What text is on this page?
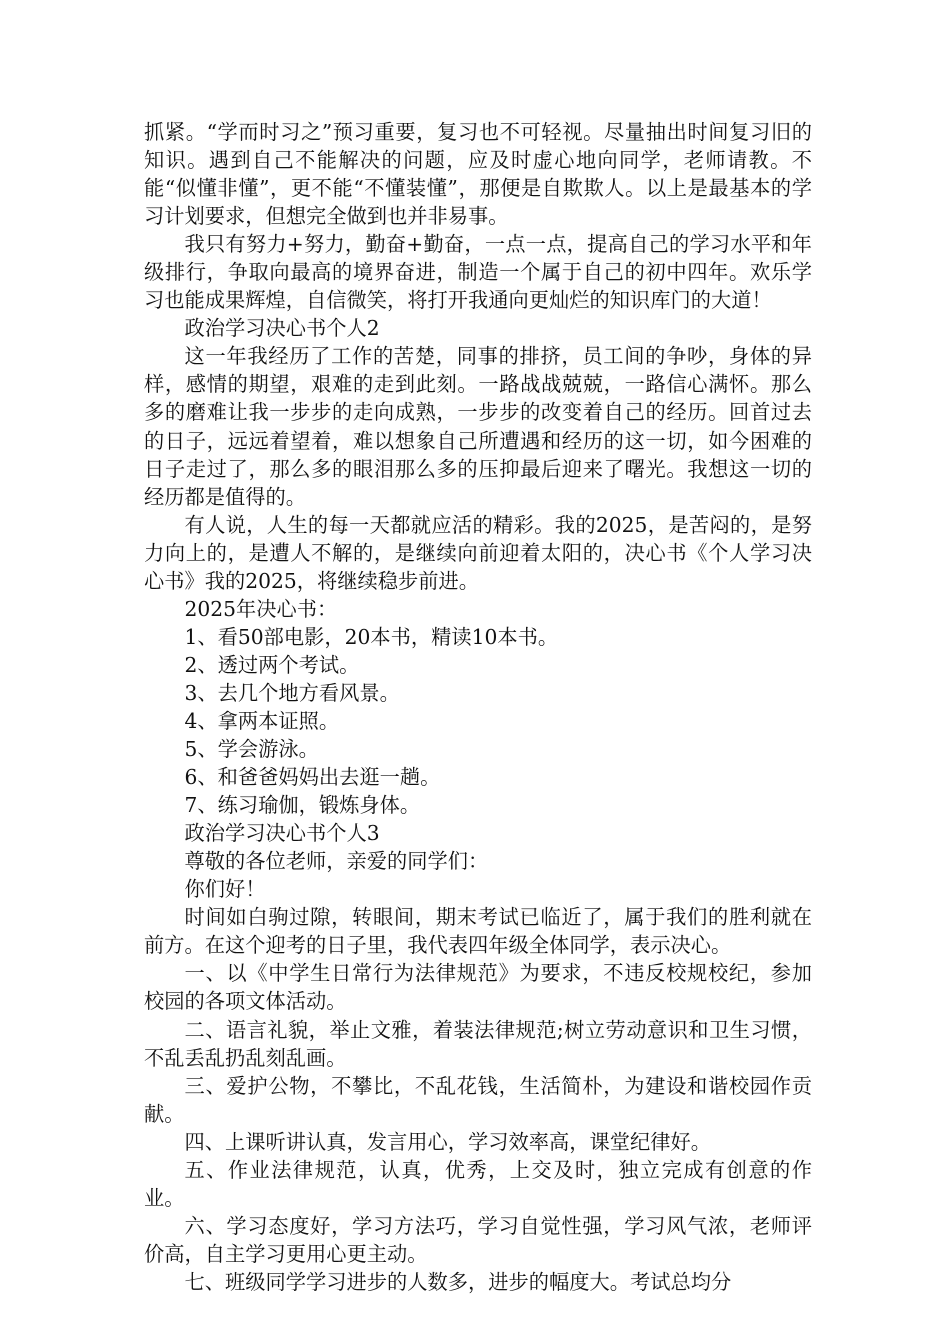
抓紧。“学而时习之”预习重要，复习也不可轻视。尽量抽出时间复习旧的知识。遇到自己不能解决的问题，应及时虚心地向同学，老师请教。不能“似懂非懂”，更不能“不懂装懂”，那便是自欺欺人。以上是最基本的学习计划要求，但想完全做到也并非易事。

我只有努力+努力，勤奋+勤奋，一点一点，提高自己的学习水平和年级排行，争取向最高的境界奋进，制造一个属于自己的初中四年。欢乐学习也能成果辉煌，自信微笑，将打开我通向更灿烂的知识库门的大道！

政治学习决心书个人2

这一年我经历了工作的苦楚，同事的排挤，员工间的争吵，身体的异样，感情的期望，艰难的走到此刻。一路战战兢兢，一路信心满怀。那么多的磨难让我一步步的走向成熟，一步步的改变着自己的经历。回首过去的日子，远远着望着，难以想象自己所遭遇和经历的这一切，如今困难的日子走过了，那么多的眼泪那么多的压抑最后迎来了曙光。我想这一切的经历都是值得的。

有人说，人生的每一天都就应活的精彩。我的2025，是苦闷的，是努力向上的，是遭人不解的，是继续向前迎着太阳的，决心书《个人学习决心书》我的2025，将继续稳步前进。

2025年决心书：

1、看50部电影，20本书，精读10本书。

2、透过两个考试。

3、去几个地方看风景。

4、拿两本证照。

5、学会游泳。

6、和爸爸妈妈出去逛一趟。

7、练习瑜伽，锻炼身体。

政治学习决心书个人3

尊敬的各位老师，亲爱的同学们：

你们好！

时间如白驹过隙，转眼间，期末考试已临近了，属于我们的胜利就在前方。在这个迎考的日子里，我代表四年级全体同学，表示决心。

一、以《中学生日常行为法律规范》为要求，不违反校规校纪，参加校园的各项文体活动。

二、语言礼貌，举止文雅，着装法律规范;树立劳动意识和卫生习惯，不乱丢乱扔乱刻乱画。

三、爱护公物，不攀比，不乱花钱，生活简朴，为建设和谐校园作贡献。

四、上课听讲认真，发言用心，学习效率高，课堂纪律好。

五、作业法律规范，认真，优秀，上交及时，独立完成有创意的作业。

六、学习态度好，学习方法巧，学习自觉性强，学习风气浓，老师评价高，自主学习更用心更主动。

七、班级同学学习进步的人数多，进步的幅度大。考试总均分
